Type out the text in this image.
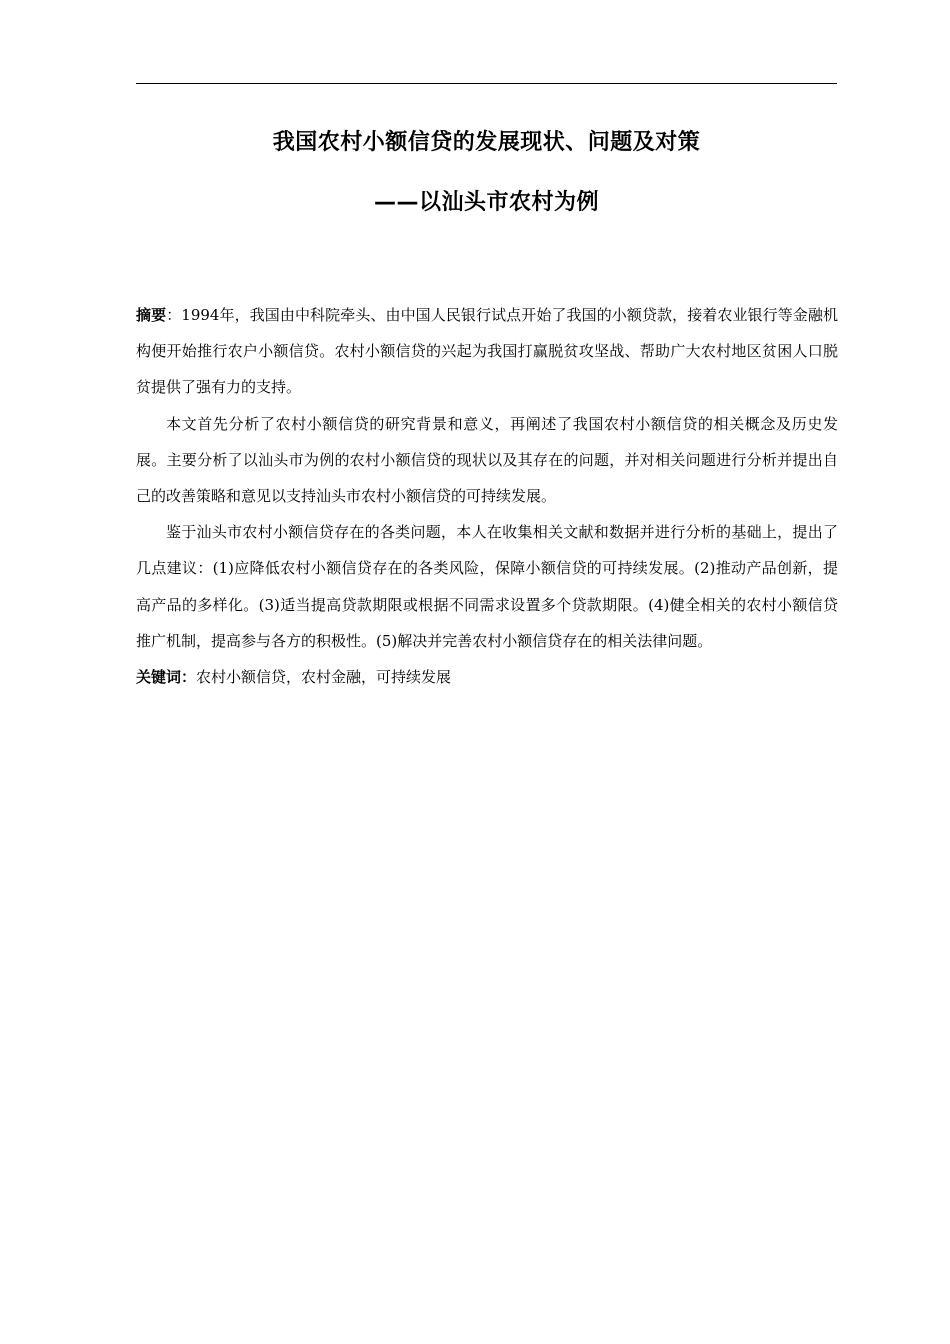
我国农村小额信贷的发展现状、问题及对策
——以汕头市农村为例

摘要：1994年，我国由中科院牵头、由中国人民银行试点开始了我国的小额贷款，接着农业银行等金融机构便开始推行农户小额信贷。农村小额信贷的兴起为我国打赢脱贫攻坚战、帮助广大农村地区贫困人口脱贫提供了强有力的支持。

本文首先分析了农村小额信贷的研究背景和意义，再阐述了我国农村小额信贷的相关概念及历史发展。主要分析了以汕头市为例的农村小额信贷的现状以及其存在的问题，并对相关问题进行分析并提出自己的改善策略和意见以支持汕头市农村小额信贷的可持续发展。

鉴于汕头市农村小额信贷存在的各类问题，本人在收集相关文献和数据并进行分析的基础上，提出了几点建议：(1)应降低农村小额信贷存在的各类风险，保障小额信贷的可持续发展。(2)推动产品创新，提高产品的多样化。(3)适当提高贷款期限或根据不同需求设置多个贷款期限。(4)健全相关的农村小额信贷推广机制，提高参与各方的积极性。(5)解决并完善农村小额信贷存在的相关法律问题。

关键词：农村小额信贷，农村金融，可持续发展
